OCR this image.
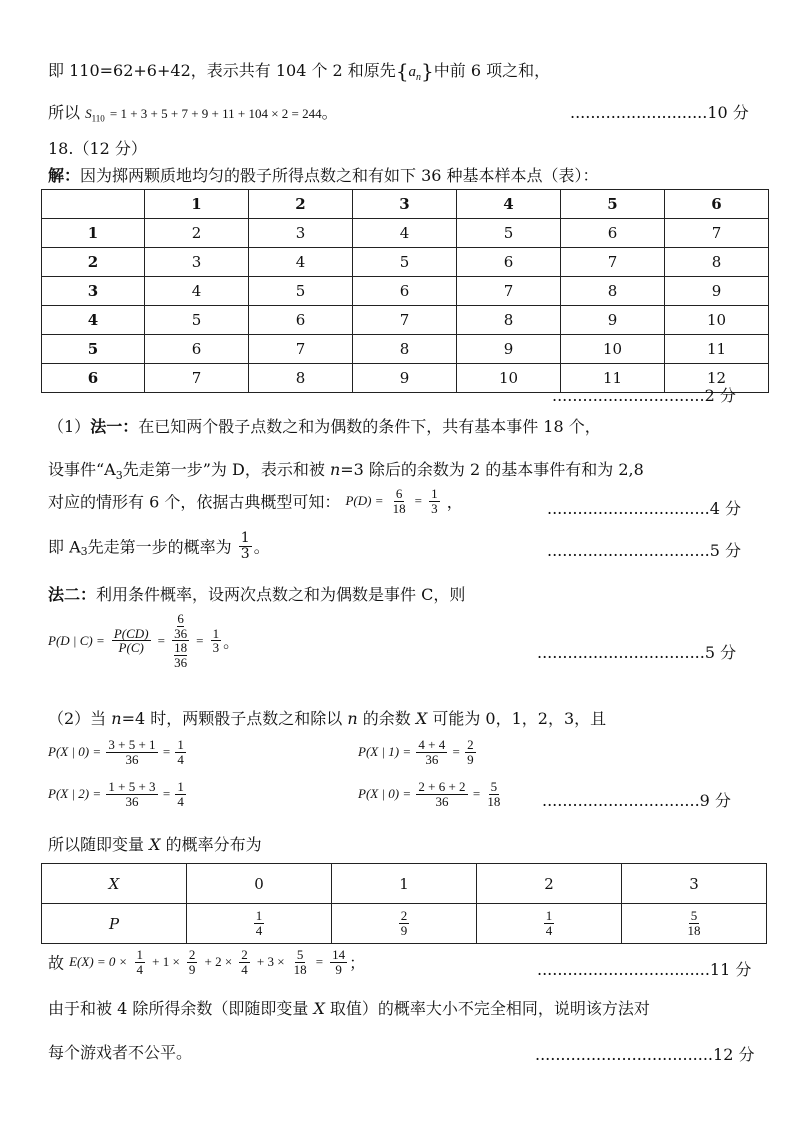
即 110=62+6+42，表示共有 104 个 2 和原先$\{a_n\}$中前 6 项之和，
所以 $S_{110} = 1 + 3 + 5 + 7 + 9 + 11 + 104 \times 2 = 244$。	...........................10 分
18.（12 分）
解：因为掷两颗质地均匀的骰子所得点数之和有如下 36 种基本样本点（表）：
	1	2	3	4	5	6
1	2	3	4	5	6	7
2	3	4	5	6	7	8
3	4	5	6	7	8	9
4	5	6	7	8	9	10
5	6	7	8	9	10	11
6	7	8	9	10	11	12
..............................2 分
（1）法一：在已知两个骰子点数之和为偶数的条件下，共有基本事件 18 个，
设事件“$A_3$先走第一步”为 D，表示和被 n=3 除后的余数为 2 的基本事件有和为 2,8
对应的情形有 6 个，依据古典概型可知： $P(D) = \frac{6}{18} = \frac{1}{3}$ ，	................................4 分
即 $A_3$先走第一步的概率为 $\frac{1}{3}$ 。	................................5 分
法二：利用条件概率，设两次点数之和为偶数是事件 C，则
P(D | $C) = \frac{P(CD)}{P(C)} = 6$
36
18
$36 = \frac{1}{3}$ 。
.................................5 分
（2）当 n=4 时，两颗骰子点数之和除以 n 的余数 X 可能为 0，1，2，3，且
P(X | $0) = \frac{3 + 5 + 1}{36} = \frac{1}{4}$	P(X | $1) = \frac{4 + 4}{36} = \frac{2}{9}$
P(X | $2) = \frac{1 + 5 + 3}{36} = \frac{1}{4}$	P(X | $0) = \frac{2 + 6 + 2}{36} = \frac{5}{18} ...............................9$ 分
所以随即变量 X 的概率分布为
X	0	1	2	3
P	$\frac{1}{4}$	$\frac{2}{9}$	$\frac{1}{4}$	$\frac{5}{18}$
故 $E(X) = 0 \times \frac{1}{4} + 1 \times \frac{2}{9} + 2 \times \frac{2}{4} + 3 \times \frac{5}{18} = \frac{14}{9}$ ；	..................................11 分
由于和被 4 除所得余数（即随即变量 X 取值）的概率大小不完全相同，说明该方法对
每个游戏者不公平。	...................................12 分
